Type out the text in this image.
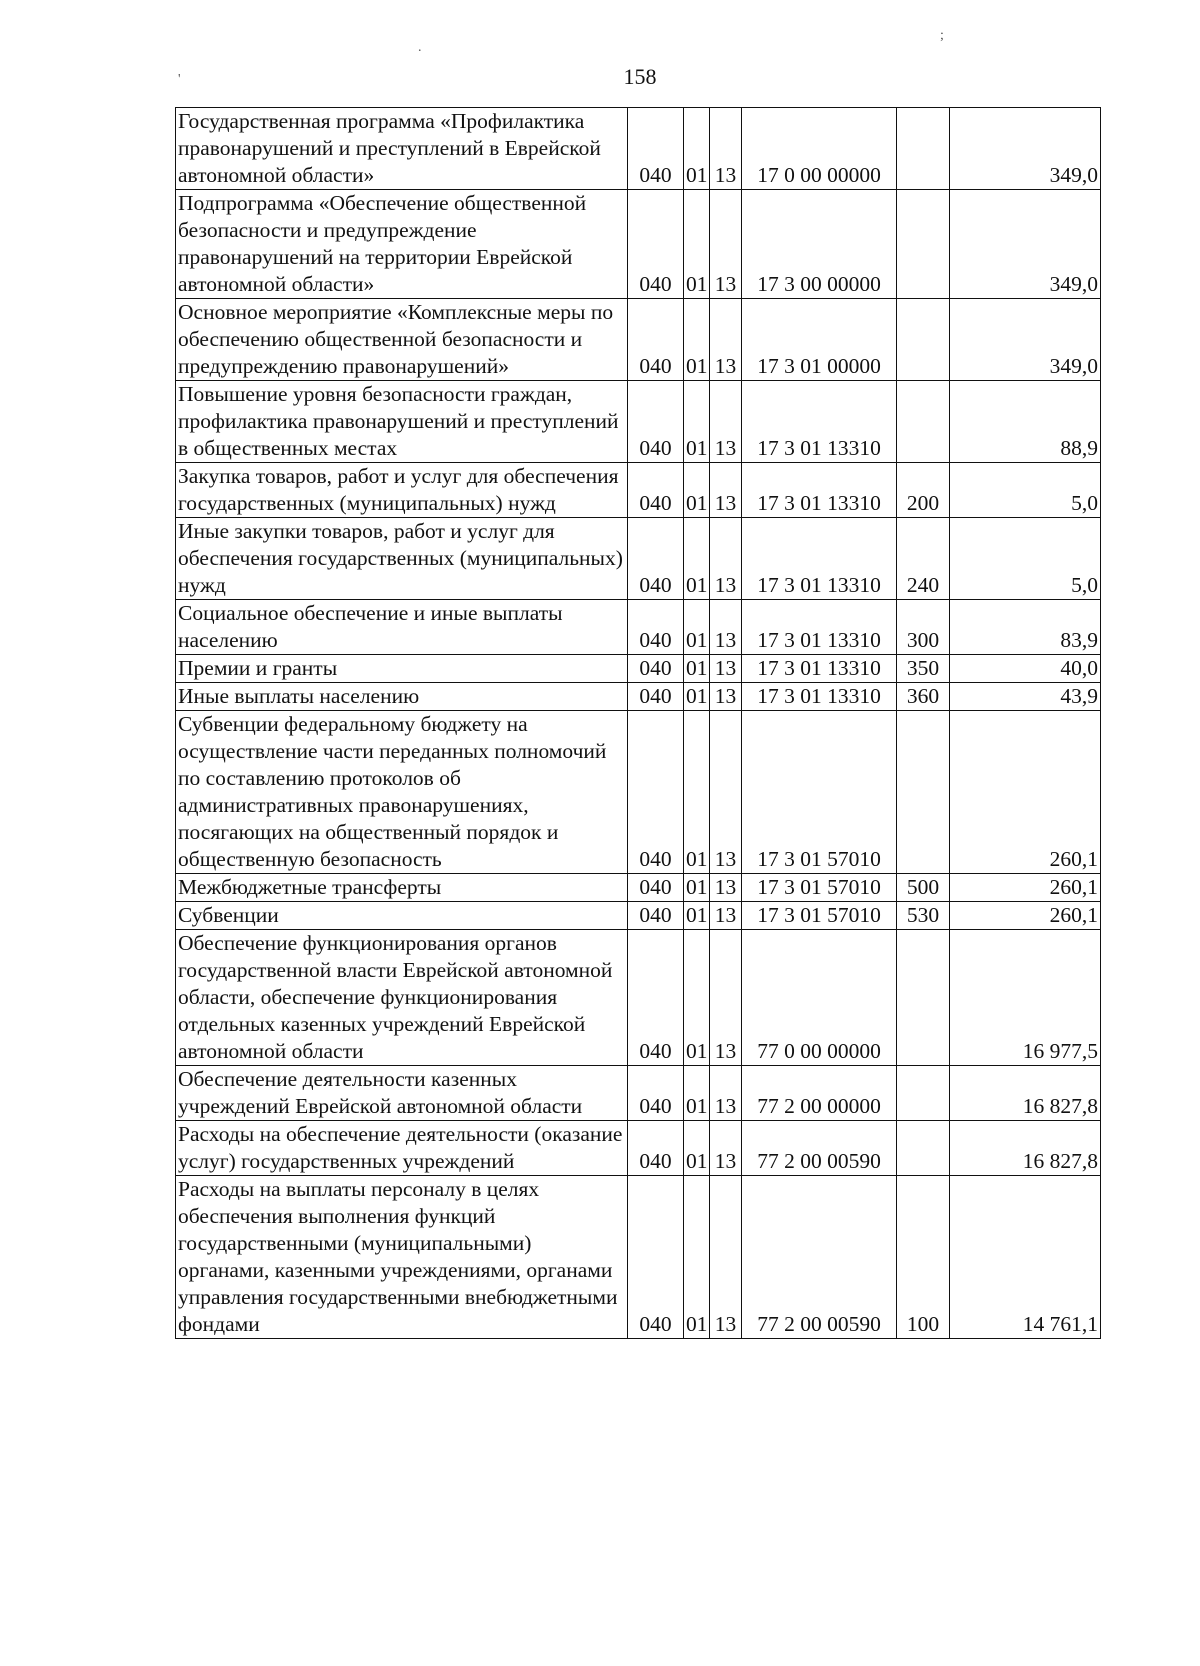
158
'
.
;
Государственная программа «Профилактика правонарушений и преступлений в Еврейской автономной области»	040	01	13	17 0 00 00000		349,0
Подпрограмма «Обеспечение общественной безопасности и предупреждение правонарушений на территории Еврейской автономной области»	040	01	13	17 3 00 00000		349,0
Основное мероприятие «Комплексные меры по обеспечению общественной безопасности и предупреждению правонарушений»	040	01	13	17 3 01 00000		349,0
Повышение уровня безопасности граждан, профилактика правонарушений и преступлений в общественных местах	040	01	13	17 3 01 13310		88,9
Закупка товаров, работ и услуг для обеспечения государственных (муниципальных) нужд	040	01	13	17 3 01 13310	200	5,0
Иные закупки товаров, работ и услуг для обеспечения государственных (муниципальных) нужд	040	01	13	17 3 01 13310	240	5,0
Социальное обеспечение и иные выплаты населению	040	01	13	17 3 01 13310	300	83,9
Премии и гранты	040	01	13	17 3 01 13310	350	40,0
Иные выплаты населению	040	01	13	17 3 01 13310	360	43,9
Субвенции федеральному бюджету на осуществление части переданных полномочий по составлению протоколов об административных правонарушениях, посягающих на общественный порядок и общественную безопасность	040	01	13	17 3 01 57010		260,1
Межбюджетные трансферты	040	01	13	17 3 01 57010	500	260,1
Субвенции	040	01	13	17 3 01 57010	530	260,1
Обеспечение функционирования органов государственной власти Еврейской автономной области, обеспечение функционирования отдельных казенных учреждений Еврейской автономной области	040	01	13	77 0 00 00000		16 977,5
Обеспечение деятельности казенных учреждений Еврейской автономной области	040	01	13	77 2 00 00000		16 827,8
Расходы на обеспечение деятельности (оказание услуг) государственных учреждений	040	01	13	77 2 00 00590		16 827,8
Расходы на выплаты персоналу в целях обеспечения выполнения функций государственными (муниципальными) органами, казенными учреждениями, органами управления государственными внебюджетными фондами	040	01	13	77 2 00 00590	100	14 761,1
